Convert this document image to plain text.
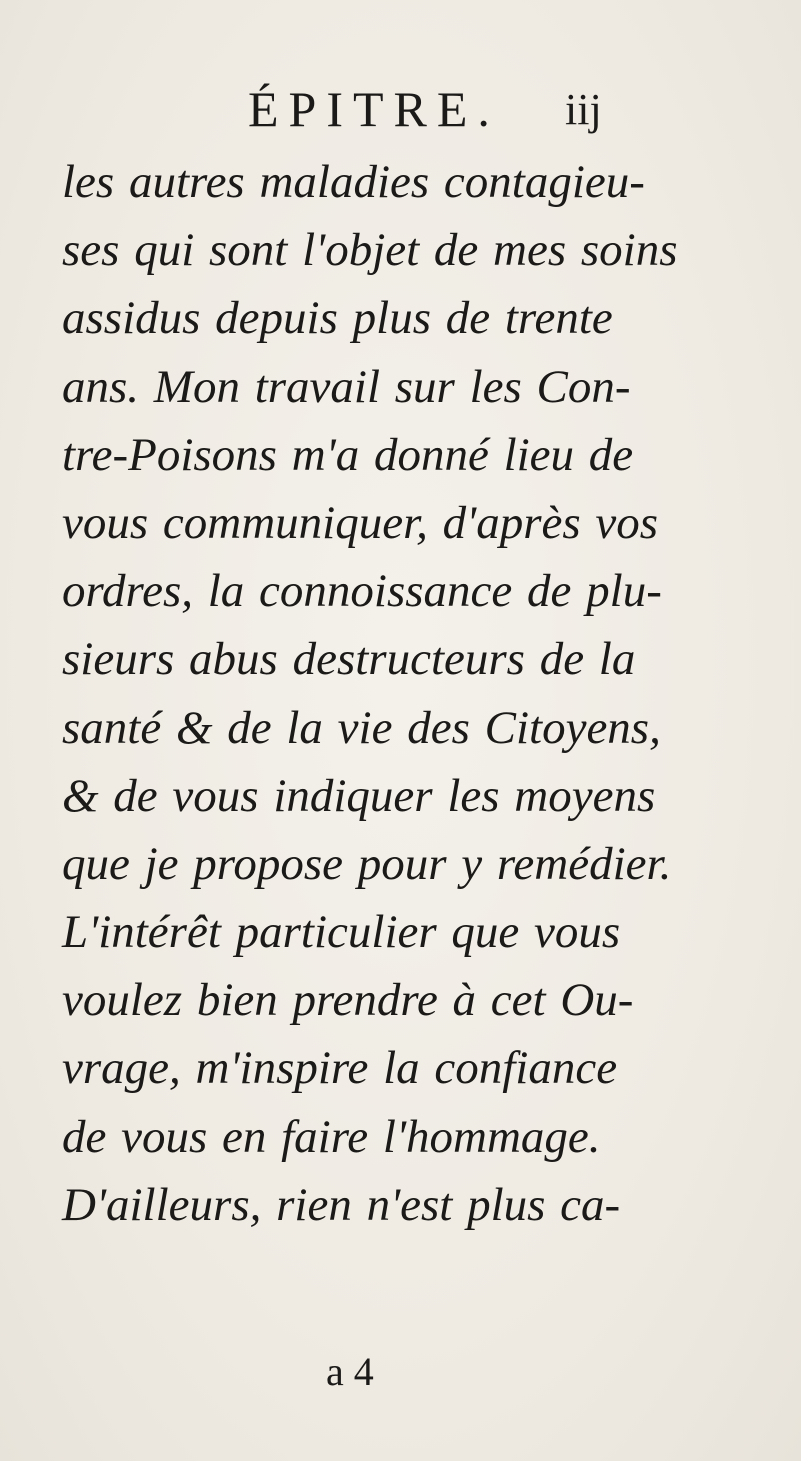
ÉPITRE. iij
les autres maladies contagieu-
ses qui sont l'objet de mes soins
assidus depuis plus de trente
ans. Mon travail sur les Con-
tre-Poisons m'a donné lieu de
vous communiquer, d'après vos
ordres, la connoissance de plu-
sieurs abus destructeurs de la
santé & de la vie des Citoyens,
& de vous indiquer les moyens
que je propose pour y remédier.
L'intérêt particulier que vous
voulez bien prendre à cet Ou-
vrage, m'inspire la confiance
de vous en faire l'hommage.
D'ailleurs, rien n'est plus ca-
a 4
